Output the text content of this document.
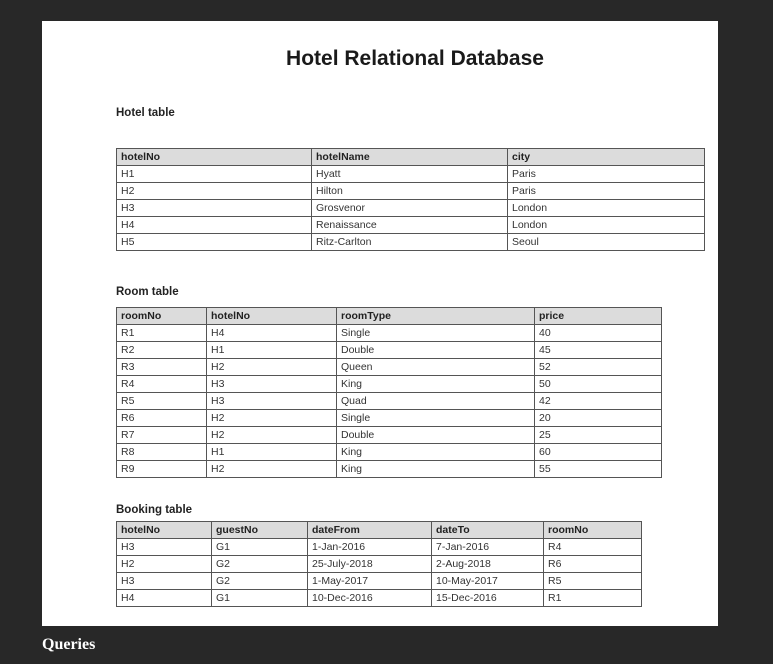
Hotel Relational Database
Hotel table
hotelNo	hotelName	city
H1	Hyatt	Paris
H2	Hilton	Paris
H3	Grosvenor	London
H4	Renaissance	London
H5	Ritz-Carlton	Seoul
Room table
roomNo	hotelNo	roomType	price
R1	H4	Single	40
R2	H1	Double	45
R3	H2	Queen	52
R4	H3	King	50
R5	H3	Quad	42
R6	H2	Single	20
R7	H2	Double	25
R8	H1	King	60
R9	H2	King	55
Booking table
hotelNo	guestNo	dateFrom	dateTo	roomNo
H3	G1	1-Jan-2016	7-Jan-2016	R4
H2	G2	25-July-2018	2-Aug-2018	R6
H3	G2	1-May-2017	10-May-2017	R5
H4	G1	10-Dec-2016	15-Dec-2016	R1
Queries
